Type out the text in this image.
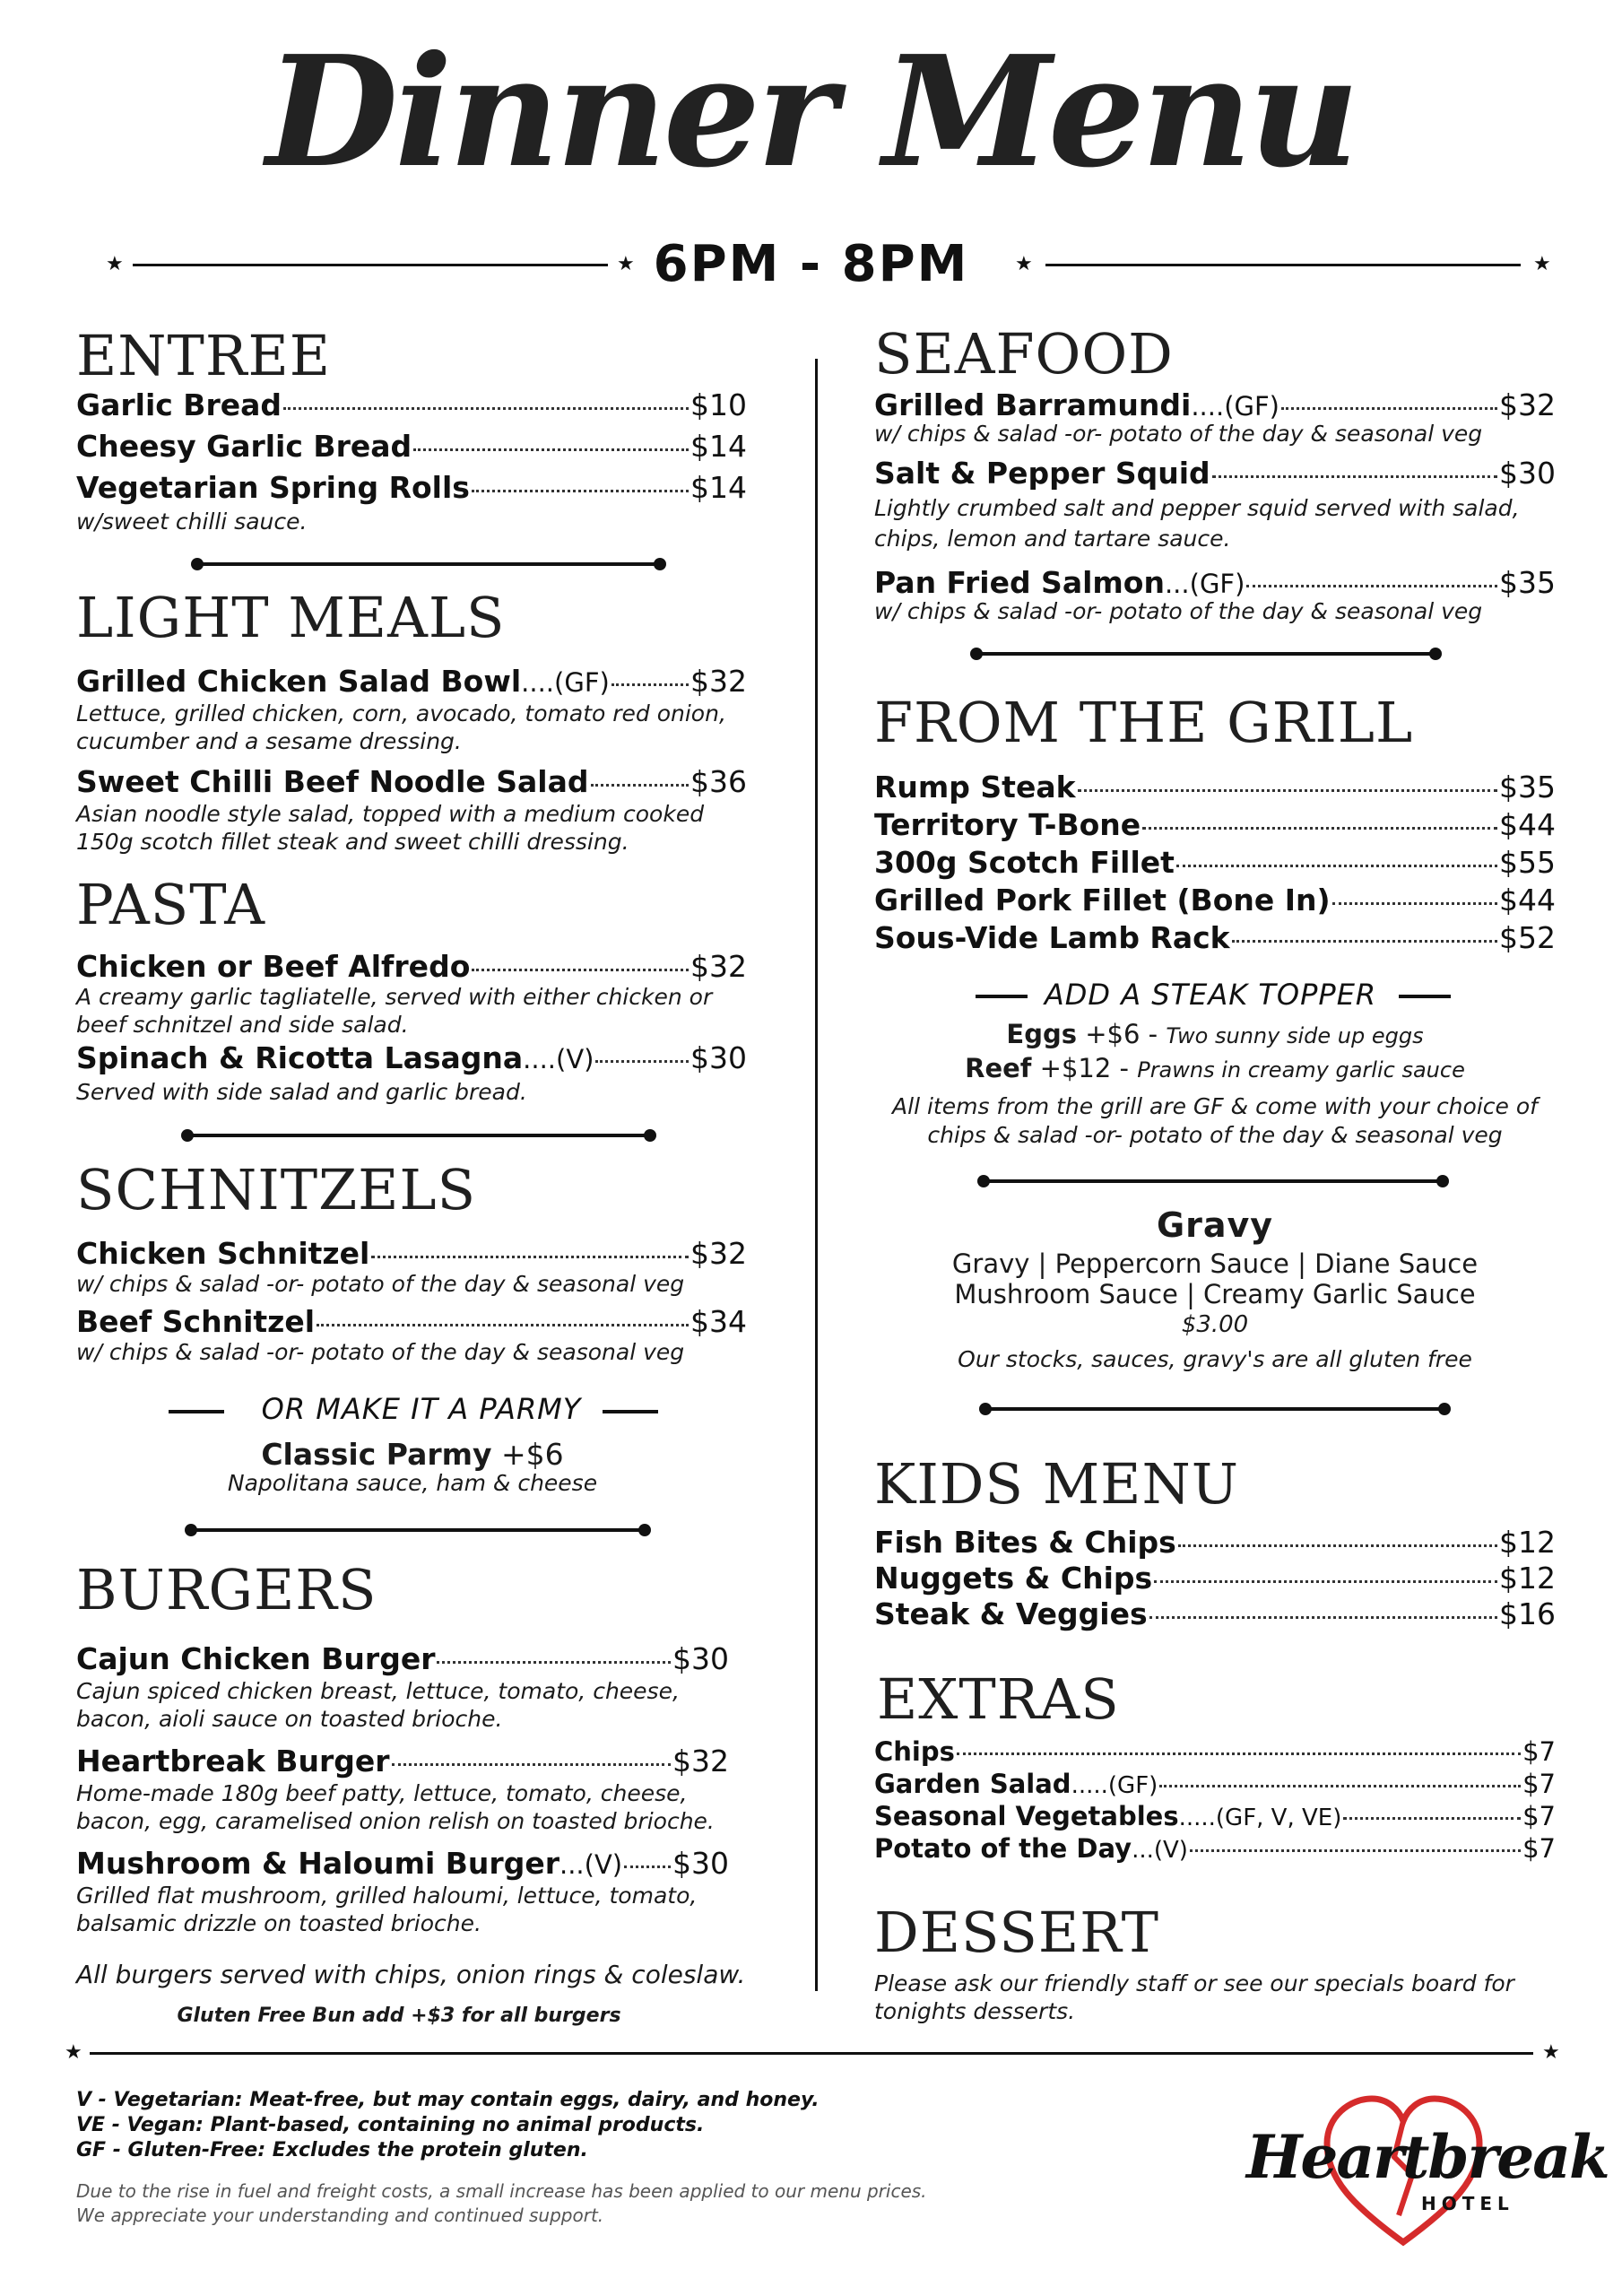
Dinner Menu
★	★ 6PM - 8PM	★	★
ENTREE
Garlic Bread	$10
Cheesy Garlic Bread	$14
Vegetarian Spring Rolls	$14
w/sweet chilli sauce.
LIGHT MEALS
Grilled Chicken Salad Bowl ....(GF)	$32
Lettuce, grilled chicken, corn, avocado, tomato red onion,
cucumber and a sesame dressing.
Sweet Chilli Beef Noodle Salad	$36
Asian noodle style salad, topped with a medium cooked
150g scotch fillet steak and sweet chilli dressing.
PASTA
Chicken or Beef Alfredo	$32
A creamy garlic tagliatelle, served with either chicken or
beef schnitzel and side salad.
Spinach & Ricotta Lasagna ....(V)	$30
Served with side salad and garlic bread.
SCHNITZELS
Chicken Schnitzel	$32
w/ chips & salad -or- potato of the day & seasonal veg
Beef Schnitzel	$34
w/ chips & salad -or- potato of the day & seasonal veg
OR MAKE IT A PARMY
Classic Parmy +$6
Napolitana sauce, ham & cheese
BURGERS
Cajun Chicken Burger	$30
Cajun spiced chicken breast, lettuce, tomato, cheese,
bacon, aioli sauce on toasted brioche.
Heartbreak Burger	$32
Home-made 180g beef patty, lettuce, tomato, cheese,
bacon, egg, caramelised onion relish on toasted brioche.
Mushroom & Haloumi Burger ...(V) $30
Grilled flat mushroom, grilled haloumi, lettuce, tomato,
balsamic drizzle on toasted brioche.
All burgers served with chips, onion rings & coleslaw.
Gluten Free Bun add +$3 for all burgers
SEAFOOD
Grilled Barramundi ....(GF)	$32
w/ chips & salad -or- potato of the day & seasonal veg
Salt & Pepper Squid	$30
Lightly crumbed salt and pepper squid served with salad,
chips, lemon and tartare sauce.
Pan Fried Salmon ...(GF)	$35
w/ chips & salad -or- potato of the day & seasonal veg
FROM THE GRILL
Rump Steak	$35
Territory T-Bone	$44
300g Scotch Fillet	$55
Grilled Pork Fillet (Bone In)	$44
Sous-Vide Lamb Rack	$52
ADD A STEAK TOPPER
Eggs +$6 - Two sunny side up eggs
Reef +$12 - Prawns in creamy garlic sauce
All items from the grill are GF & come with your choice of
chips & salad -or- potato of the day & seasonal veg
Gravy
Gravy | Peppercorn Sauce | Diane Sauce
Mushroom Sauce | Creamy Garlic Sauce
$3.00
Our stocks, sauces, gravy's are all gluten free
KIDS MENU
Fish Bites & Chips	$12
Nuggets & Chips	$12
Steak & Veggies	$16
EXTRAS
Chips	$7
Garden Salad .....(GF)	$7
Seasonal Vegetables .....(GF, V, VE)	$7
Potato of the Day ...(V)	$7
DESSERT
Please ask our friendly staff or see our specials board for
tonights desserts.
★	★
V - Vegetarian: Meat-free, but may contain eggs, dairy, and honey.
VE - Vegan: Plant-based, containing no animal products.
GF - Gluten-Free: Excludes the protein gluten.
Due to the rise in fuel and freight costs, a small increase has been applied to our menu prices.
We appreciate your understanding and continued support.
Heartbreak
HOTEL
